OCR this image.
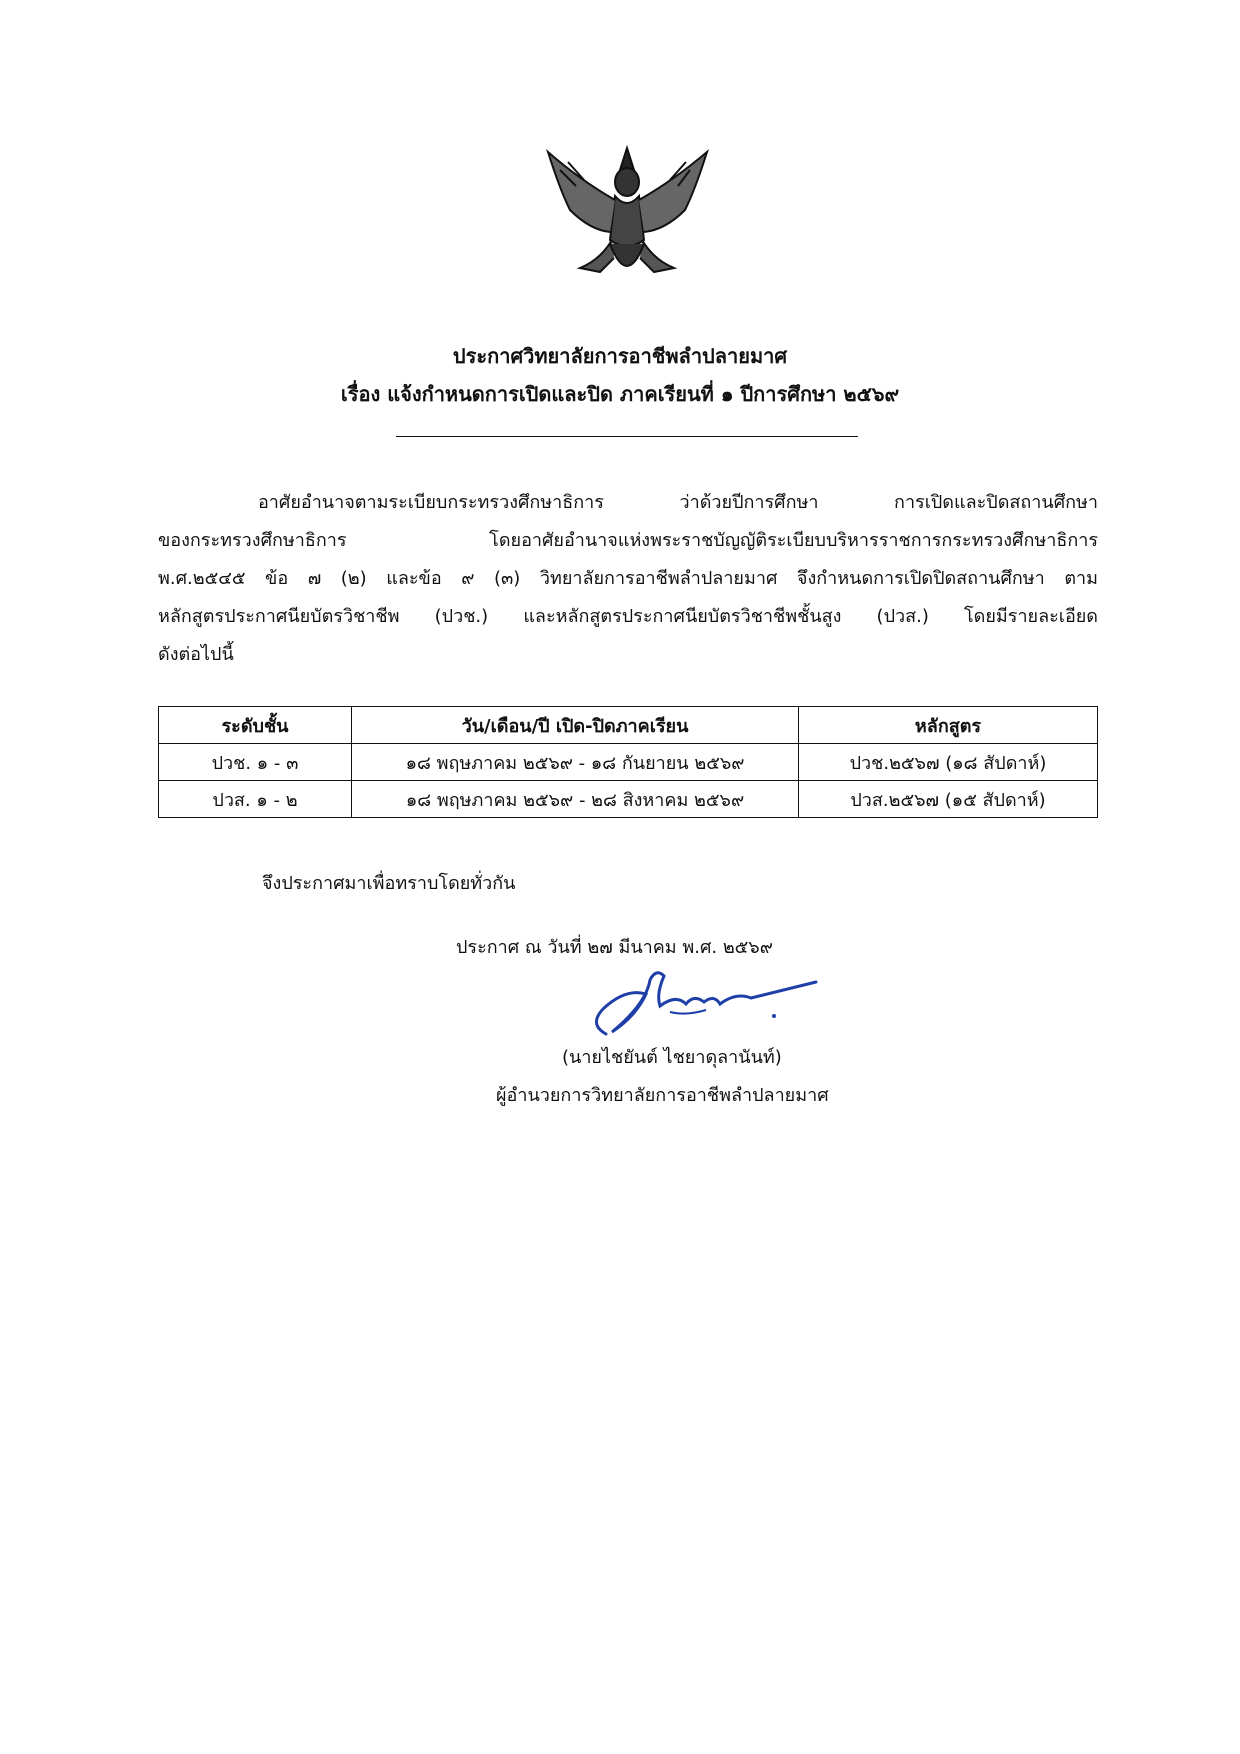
ประกาศวิทยาลัยการอาชีพลำปลายมาศ
เรื่อง แจ้งกำหนดการเปิดและปิด ภาคเรียนที่ ๑ ปีการศึกษา ๒๕๖๙
อาศัยอำนาจตามระเบียบกระทรวงศึกษาธิการ ว่าด้วยปีการศึกษา การเปิดและปิดสถานศึกษา
ของกระทรวงศึกษาธิการ โดยอาศัยอำนาจแห่งพระราชบัญญัติระเบียบบริหารราชการกระทรวงศึกษาธิการ
พ.ศ.๒๕๔๕ ข้อ ๗ (๒) และข้อ ๙ (๓) วิทยาลัยการอาชีพลำปลายมาศ จึงกำหนดการเปิดปิดสถานศึกษา ตาม
หลักสูตรประกาศนียบัตรวิชาชีพ (ปวช.) และหลักสูตรประกาศนียบัตรวิชาชีพชั้นสูง (ปวส.) โดยมีรายละเอียด
ดังต่อไปนี้
ระดับชั้น	วัน/เดือน/ปี เปิด-ปิดภาคเรียน	หลักสูตร
ปวช. ๑ - ๓	๑๘ พฤษภาคม ๒๕๖๙ - ๑๘ กันยายน ๒๕๖๙	ปวช.๒๕๖๗ (๑๘ สัปดาห์)
ปวส. ๑ - ๒	๑๘ พฤษภาคม ๒๕๖๙ - ๒๘ สิงหาคม ๒๕๖๙	ปวส.๒๕๖๗ (๑๕ สัปดาห์)
จึงประกาศมาเพื่อทราบโดยทั่วกัน
ประกาศ ณ วันที่ ๒๗ มีนาคม พ.ศ. ๒๕๖๙
(นายไชยันต์ ไชยาดุลานันท์)
ผู้อำนวยการวิทยาลัยการอาชีพลำปลายมาศ
